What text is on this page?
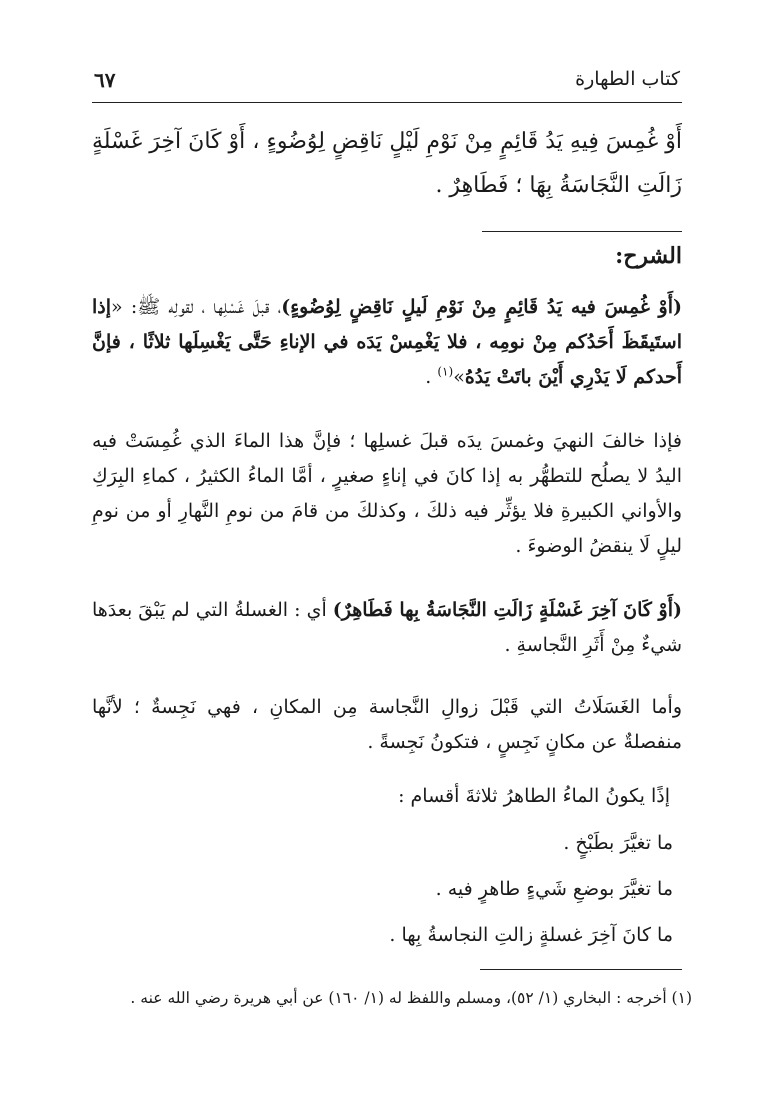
كتاب الطهارة
٦٧
أَوْ غُمِسَ فِيهِ يَدُ قَائِمٍ مِنْ نَوْمِ لَيْلٍ نَاقِضٍ لِوُضُوءٍ ، أَوْ كَانَ آخِرَ غَسْلَةٍ زَالَتِ النَّجَاسَةُ بِهَا ؛ فَطَاهِرٌ .
الشرح:
(أَوْ غُمِسَ فيه يَدُ قَائِمٍ مِنْ نَوْمِ لَيلٍ نَاقِضٍ لِوُضُوءٍ)، قبلَ غَسْلِها ، لقولِه ﷺ: «إذا استَيقَظَ أَحَدُكم مِنْ نومِه ، فلا يَغْمِسْ يَدَه في الإناءِ حَتَّى يَغْسِلَها ثلاثًا ، فإنَّ أَحدكم لَا يَدْرِي أَيْنَ باتَتْ يَدُهُ»$^{(١)}$ .
فإذا خالفَ النهيَ وغمسَ يدَه قبلَ غسلِها ؛ فإنَّ هذا الماءَ الذي غُمِسَتْ فيه اليدُ لا يصلُح للتطهُّر به إذا كانَ في إناءٍ صغيرٍ ، أمَّا الماءُ الكثيرُ ، كماءِ البِرَكِ والأواني الكبيرةِ فلا يؤثِّر فيه ذلكَ ، وكذلكَ من قامَ من نومِ النَّهارِ أو من نومِ ليلٍ لَا ينقضُ الوضوءَ .
(أَوْ كَانَ آخِرَ غَسْلَةٍ زَالَتِ النَّجَاسَةُ بِها فَطَاهِرٌ) أي : الغسلةُ التي لم يَبْقَ بعدَها شيءٌ مِنْ أَثَرِ النَّجاسةِ .
وأما الغَسَلَاتُ التي قَبْلَ زوالِ النَّجاسة مِن المكانِ ، فهي نَجِسةٌ ؛ لأنَّها منفصلةٌ عن مكانٍ نَجِسٍ ، فتكونُ نَجِسةً .
إذًا يكونُ الماءُ الطاهرُ ثلاثةَ أقسام :
ما تغيَّرَ بطَبْخٍ .
ما تغيَّرَ بوضعِ شَيءٍ طاهرٍ فيه .
ما كانَ آخِرَ غسلةٍ زالتِ النجاسةُ بِها .
(١) أخرجه : البخاري (١/ ٥٢)، ومسلم واللفظ له (١/ ١٦٠) عن أبي هريرة رضي الله عنه .
